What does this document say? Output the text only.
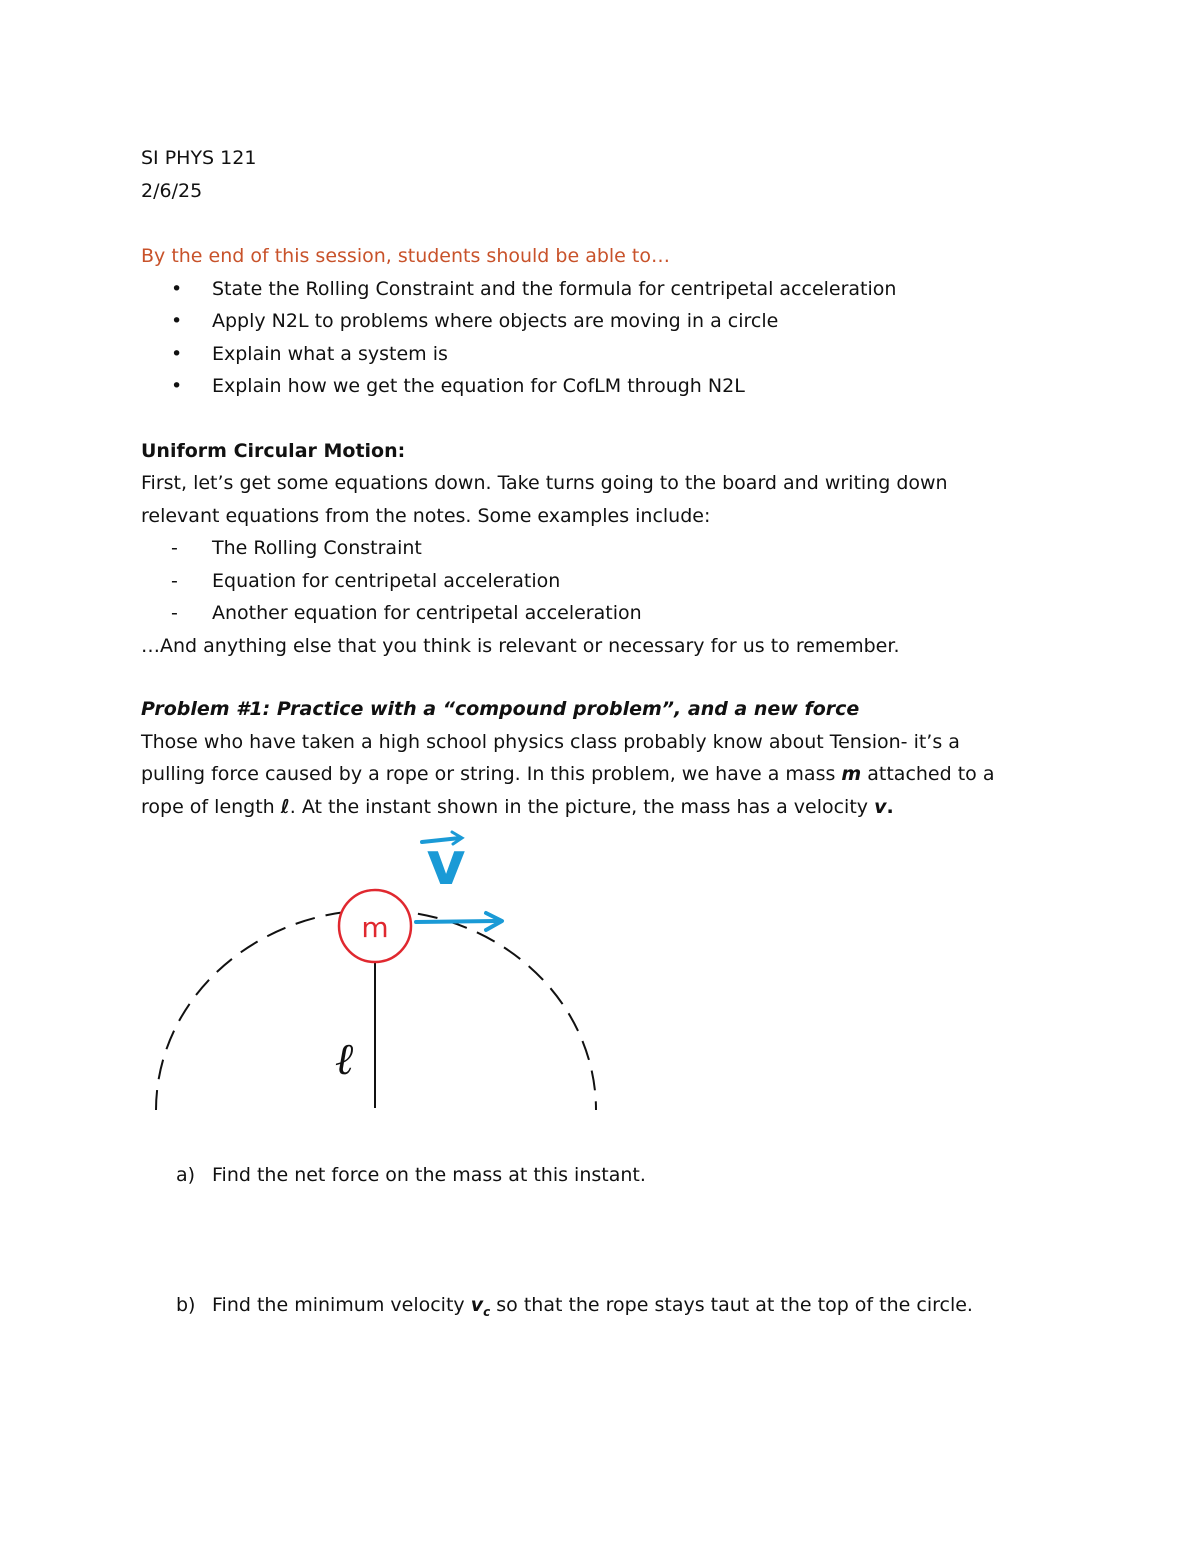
SI PHYS 121
2/6/25
By the end of this session, students should be able to…
• State the Rolling Constraint and the formula for centripetal acceleration
• Apply N2L to problems where objects are moving in a circle
• Explain what a system is
• Explain how we get the equation for CofLM through N2L
Uniform Circular Motion:
First, let’s get some equations down. Take turns going to the board and writing down
relevant equations from the notes. Some examples include:
- The Rolling Constraint
- Equation for centripetal acceleration
- Another equation for centripetal acceleration
…And anything else that you think is relevant or necessary for us to remember.
Problem #1: Practice with a “compound problem”, and a new force
Those who have taken a high school physics class probably know about Tension- it’s a
pulling force caused by a rope or string. In this problem, we have a mass m attached to a
rope of length ℓ. At the instant shown in the picture, the mass has a velocity v.
m
ℓ
v
a) Find the net force on the mass at this instant.
b) Find the minimum velocity $v_c$ so that the rope stays taut at the top of the circle.
